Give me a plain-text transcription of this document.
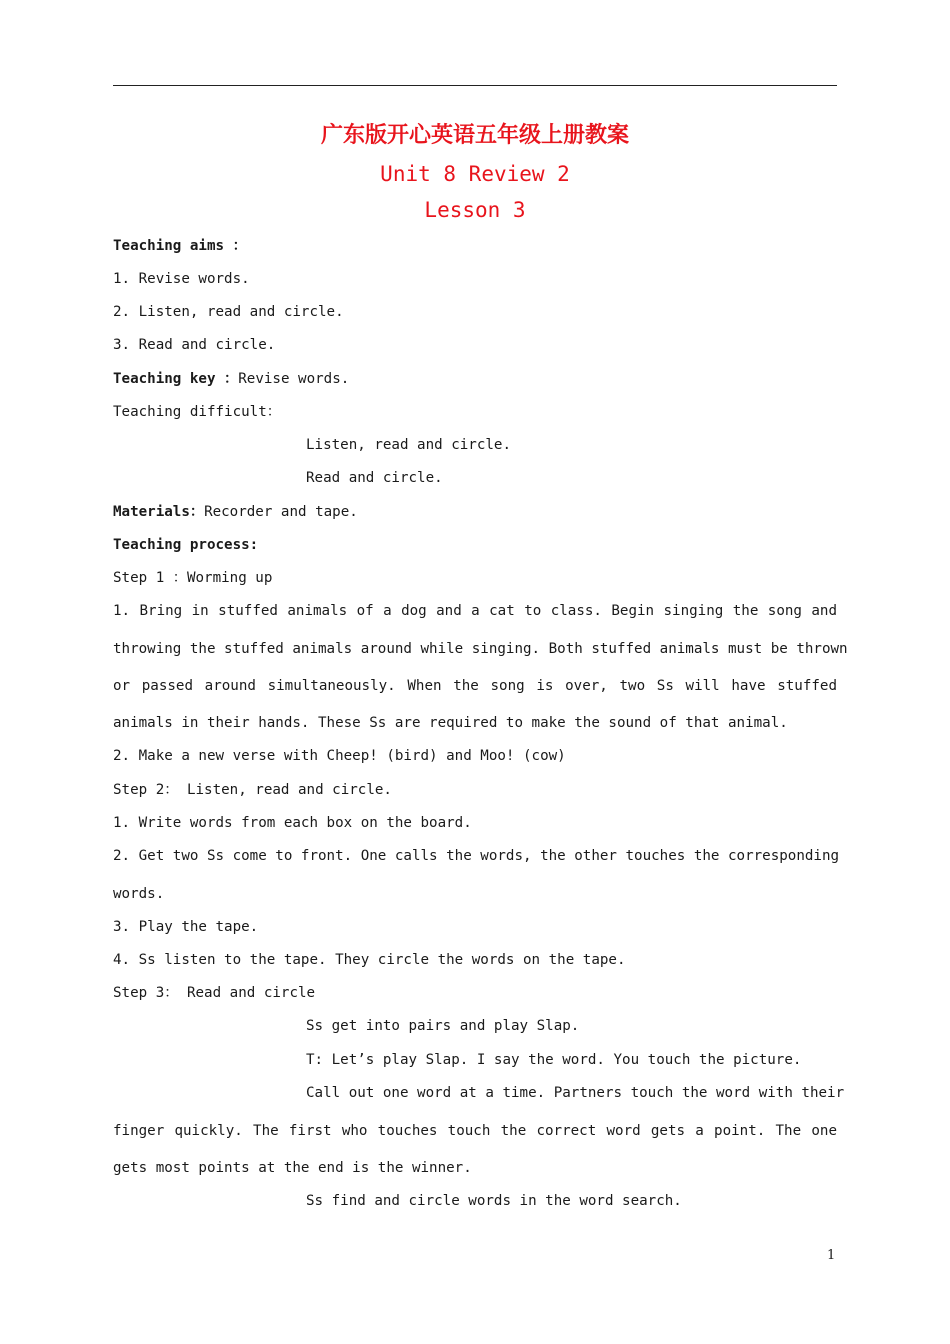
广东版开心英语五年级上册教案
Unit 8 Review 2
Lesson 3
Teaching aims ：
1. Revise words.
2. Listen, read and circle.
3. Read and circle.
Teaching key ：Revise words.
Teaching difficult：
Listen, read and circle.
Read and circle.
Materials：Recorder and tape.
Teaching process:
Step 1 ：Worming up
1. Bring in stuffed animals of a dog and a cat to class. Begin singing the song and
throwing the stuffed animals around while singing. Both stuffed animals must be thrown
or passed around simultaneously. When the song is over, two Ss will have stuffed
animals in their hands. These Ss are required to make the sound of that animal.
2. Make a new verse with Cheep! (bird) and Moo! (cow)
Step 2： Listen, read and circle.
1. Write words from each box on the board.
2. Get two Ss come to front. One calls the words, the other touches the corresponding
words.
3. Play the tape.
4. Ss listen to the tape. They circle the words on the tape.
Step 3： Read and circle
Ss get into pairs and play Slap.
T: Let’s play Slap. I say the word. You touch the picture.
Call out one word at a time. Partners touch the word with their
finger quickly. The first who touches touch the correct word gets a point. The one
gets most points at the end is the winner.
Ss find and circle words in the word search.
1
